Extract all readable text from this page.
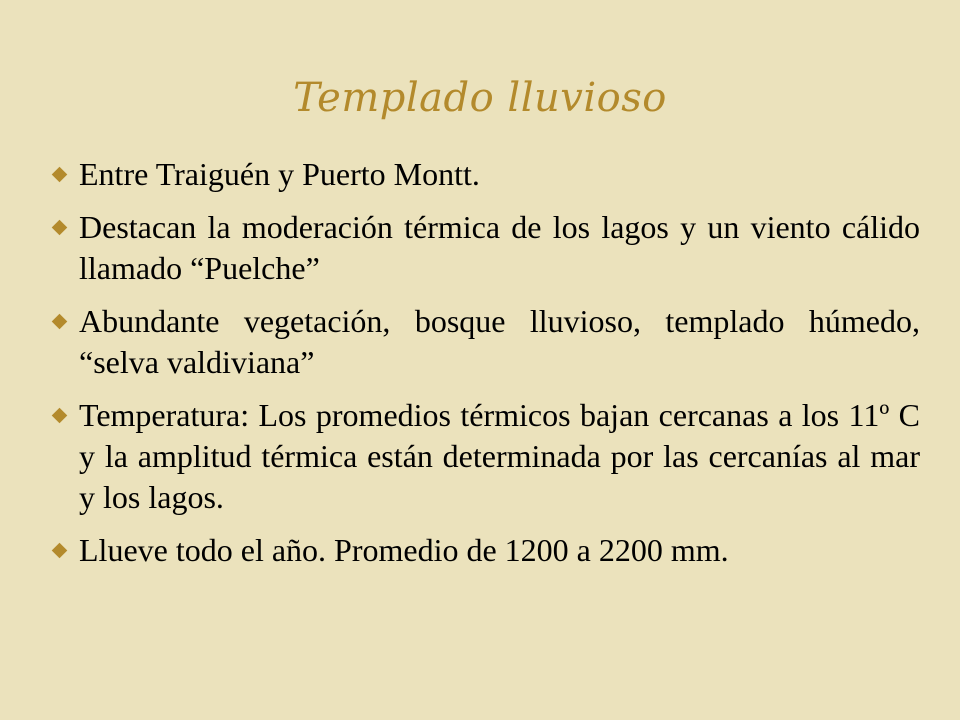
Templado lluvioso
Entre Traiguén y Puerto Montt.
Destacan la moderación térmica de los lagos y un viento cálido llamado “Puelche”
Abundante vegetación, bosque lluvioso, templado húmedo, “selva valdiviana”
Temperatura: Los promedios térmicos bajan cercanas a los 11º C y la amplitud térmica están determinada por las cercanías al mar y los lagos.
Llueve todo el año. Promedio de 1200 a 2200 mm.
